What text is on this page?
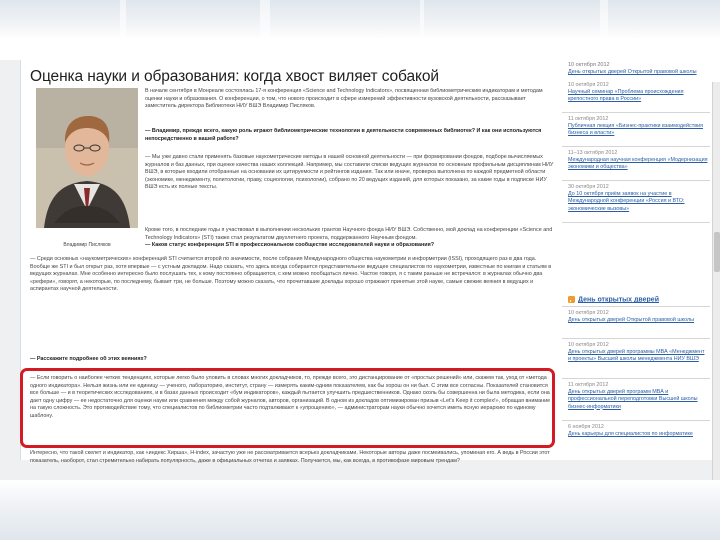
10 октября 2012
День открытых дверей Открытой правовой школы
Оценка науки и образования: когда хвост виляет собакой
Владимир Писляков
В начале сентября в Монреале состоялась 17-я конференция «Science and Technology Indicators», посвященная библиометрическим индикаторам и методам оценки науки и образования. О конференции, о том, что нового происходит в сфере измерений эффективности вузовской деятельности, рассказывает заместитель директора Библиотеки НИУ ВШЭ Владимир Писляков.
— Владимир, прежде всего, какую роль играют библиометрические технологии в деятельности современных библиотек? И как они используются непосредственно в вашей работе?
— Мы уже давно стали применять базовые наукометрические методы в нашей основной деятельности — при формировании фондов, подборе вычисляемых журналов и баз данных, при оценке качества наших коллекций. Например, мы составили списки ведущих журналов по основным профильным дисциплинам НИУ ВШЭ, в которые входили отобранные на основании их цитируемости и рейтингов издания. Так или иначе, проверка выполнена по каждой предметной области (экономике, менеджменту, политологии, праву, социологии, психологии), собрано по 20 ведущих изданий, для которых показано, за какие годы в подписке НИУ ВШЭ есть их полные тексты.
Кроме того, в последние годы я участвовал в выполнении нескольких грантов Научного фонда НИУ ВШЭ. Собственно, мой доклад на конференции «Science and Technology Indicators» (STI) также стал результатом двухлетнего проекта, поддержанного Научным фондом.
— Каков статус конференции STI в профессиональном сообществе исследователей науки и образования?
— Среди основных «наукометрических» конференций STI считается второй по значимости, после собрания Международного общества наукометрии и информетрии (ISSI), проходящего раз в два года. Вообще же STI и был открыт раз, хотя впервые — с устным докладом. Надо сказать, что здесь всегда собирается представительное ведущее специалистов по наукометрии, известные по книгам и статьям в ведущих журналах. Мне особенно интересно было послушать тех, к кому постоянно обращаются, с кем можно пообщаться лично. Частое говоря, я с таким раньше не встречался: в журналах обычно два «рефери», говорят, а некоторые, по последнему, бывает три, не больше. Поэтому можно сказать, что прочитавшие доклады хорошо отражают принятые этой науке, самые свежие веяния в ведущих и аспирантах научной деятельности.
— Расскажите подробнее об этих веяниях?
— Если говорить о наиболее четких тенденциях, которые легко было уловить в словах многих докладчиков, то, прежде всего, это дистанцирование от «простых решений» или, скажем так, уход от «метода одного индикатора». Нельзя жизнь или ее единицу — ученого, лабораторию, институт, страну — измерять каким-одним показателем, как бы хорош он ни был. С этим все согласны. Показателей становится все больше — и в теоретических исследованиях, и в базах данных происходит «бум индикаторов», каждый пытается улучшить предшественников. Однако сколь бы совершенна ни была методика, если она дает одну цифру — ее недостаточно для оценки науки или сравнения между собой журналов, авторов, организаций. В одном из докладов оптимизирован призыв «Let's Keep it complex!», обращая внимание на такую сложность. Это противодействие тому, что специалистов по библиометрии часто подталкивают к «упрощению», — администраторам науки обычно хочется иметь ясную иерархию по единому шаблону.
Интересно, что такой скелет и индикатор, как «индекс Хирша», H-index, зачастую уже не рассматривается всерьез докладчиками. Некоторые авторы даже посмеивались, упоминая его. А ведь в России этот показатель, наоборот, стал стремительно набирать популярность, даже в официальных отчетах и заявках. Получается, мы, как всегда, в противофазе мировым трендам?
10 октября 2012
Научный семинар «Проблема происхождения крепостного права в России»
11 октября 2012
Публичная лекция «Бизнес-практики взаимодействия бизнеса и власти»
11–13 октября 2012
Международная научная конференция «Модернизация экономики и общества»
30 октября 2012
До 10 октября приём заявок на участие в Международной конференции «Россия и ВТО: экономические вызовы»
День открытых дверей
10 октября 2012
День открытых дверей Открытой правовой школы
10 октября 2012
День открытых дверей программы МВА «Менеджмент и проекты» Высшей школы менеджмента НИУ ВШЭ
11 октября 2012
День открытых дверей программ МВА и профессиональной переподготовки Высшей школы бизнес-информатики
6 ноября 2012
День карьеры для специалистов по информатике
